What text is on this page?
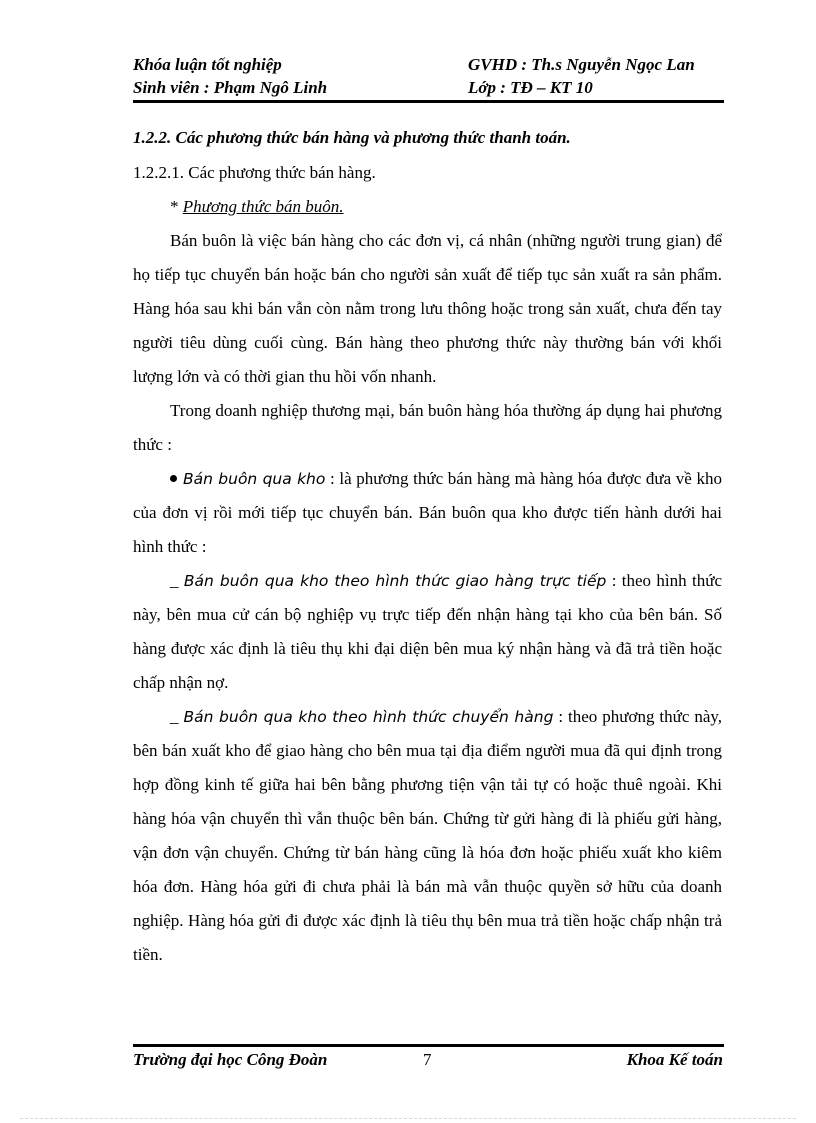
Khóa luận tốt nghiệp	GVHD : Th.s Nguyễn Ngọc Lan
Sinh viên : Phạm Ngô Linh	Lớp : TĐ – KT 10

1.2.2. Các phương thức bán hàng và phương thức thanh toán.

1.2.2.1. Các phương thức bán hàng.

* Phương thức bán buôn.

Bán buôn là việc bán hàng cho các đơn vị, cá nhân (những người trung gian) để họ tiếp tục chuyển bán hoặc bán cho người sản xuất để tiếp tục sản xuất ra sản phẩm. Hàng hóa sau khi bán vẫn còn nằm trong lưu thông hoặc trong sản xuất, chưa đến tay người tiêu dùng cuối cùng. Bán hàng theo phương thức này thường bán với khối lượng lớn và có thời gian thu hồi vốn nhanh.

Trong doanh nghiệp thương mại, bán buôn hàng hóa thường áp dụng hai phương thức :

Bán buôn qua kho : là phương thức bán hàng mà hàng hóa được đưa về kho của đơn vị rồi mới tiếp tục chuyển bán. Bán buôn qua kho được tiến hành dưới hai hình thức :

_ Bán buôn qua kho theo hình thức giao hàng trực tiếp : theo hình thức này, bên mua cử cán bộ nghiệp vụ trực tiếp đến nhận hàng tại kho của bên bán. Số hàng được xác định là tiêu thụ khi đại diện bên mua ký nhận hàng và đã trả tiền hoặc chấp nhận nợ.

_ Bán buôn qua kho theo hình thức chuyển hàng : theo phương thức này, bên bán xuất kho để giao hàng cho bên mua tại địa điểm người mua đã qui định trong hợp đồng kinh tế giữa hai bên bằng phương tiện vận tải tự có hoặc thuê ngoài. Khi hàng hóa vận chuyển thì vẫn thuộc bên bán. Chứng từ gửi hàng đi là phiếu gửi hàng, vận đơn vận chuyển. Chứng từ bán hàng cũng là hóa đơn hoặc phiếu xuất kho kiêm hóa đơn. Hàng hóa gửi đi chưa phải là bán mà vẫn thuộc quyền sở hữu của doanh nghiệp. Hàng hóa gửi đi được xác định là tiêu thụ bên mua trả tiền hoặc chấp nhận trả tiền.

Trường đại học Công Đoàn	7	Khoa Kế toán
